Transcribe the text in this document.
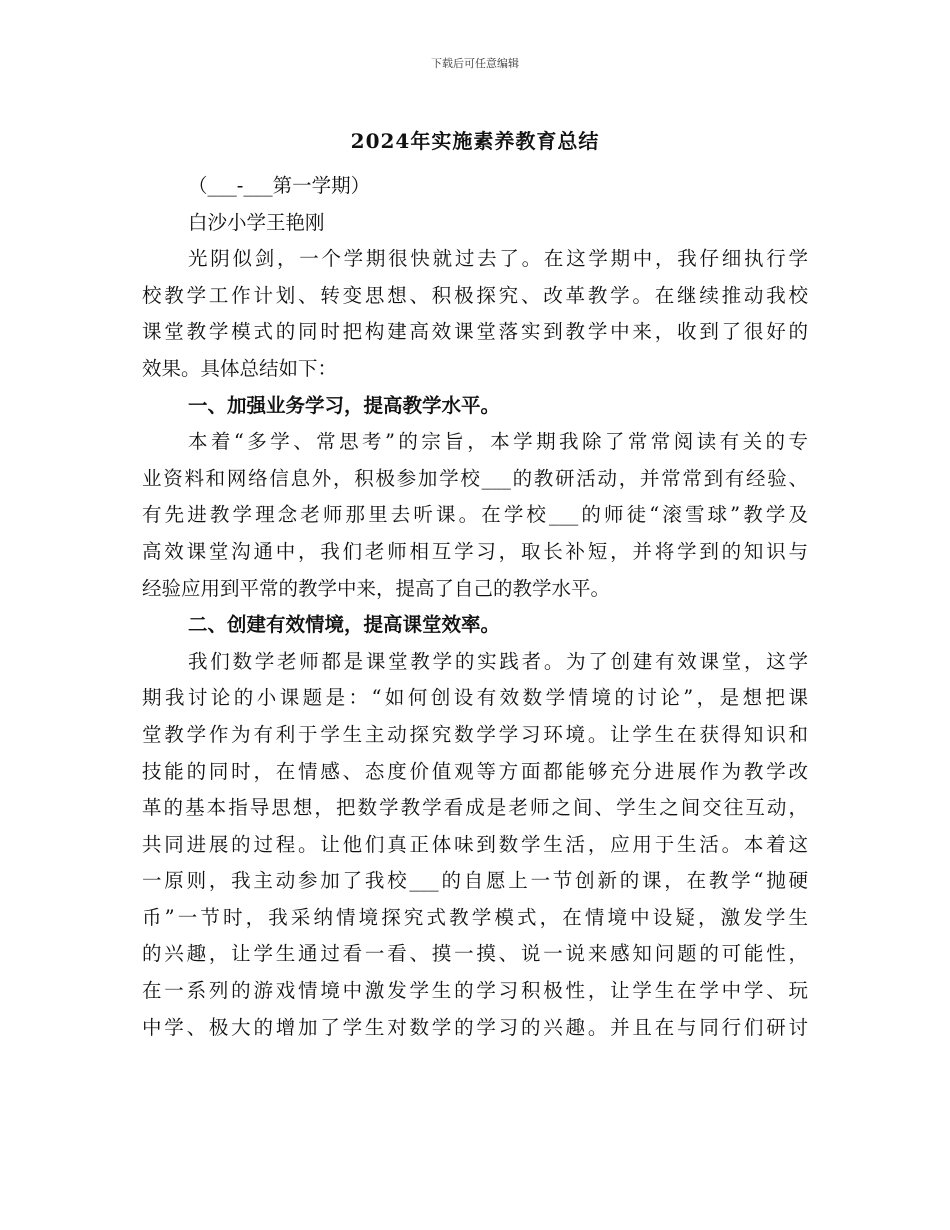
下载后可任意编辑
2024年实施素养教育总结
（___-___第一学期）
白沙小学王艳刚
光阴似剑，一个学期很快就过去了。在这学期中，我仔细执行学
校教学工作计划、转变思想、积极探究、改革教学。在继续推动我校
课堂教学模式的同时把构建高效课堂落实到教学中来，收到了很好的
效果。具体总结如下：
一、加强业务学习，提高教学水平。
本着“多学、常思考”的宗旨，本学期我除了常常阅读有关的专
业资料和网络信息外，积极参加学校___的教研活动，并常常到有经验、
有先进教学理念老师那里去听课。在学校___的师徒“滚雪球”教学及
高效课堂沟通中，我们老师相互学习，取长补短，并将学到的知识与
经验应用到平常的教学中来，提高了自己的教学水平。
二、创建有效情境，提高课堂效率。
我们数学老师都是课堂教学的实践者。为了创建有效课堂，这学
期我讨论的小课题是：“如何创设有效数学情境的讨论”，是想把课
堂教学作为有利于学生主动探究数学学习环境。让学生在获得知识和
技能的同时，在情感、态度价值观等方面都能够充分进展作为教学改
革的基本指导思想，把数学教学看成是老师之间、学生之间交往互动，
共同进展的过程。让他们真正体味到数学生活，应用于生活。本着这
一原则，我主动参加了我校___的自愿上一节创新的课，在教学“抛硬
币”一节时，我采纳情境探究式教学模式，在情境中设疑，激发学生
的兴趣，让学生通过看一看、摸一摸、说一说来感知问题的可能性，
在一系列的游戏情境中激发学生的学习积极性，让学生在学中学、玩
中学、极大的增加了学生对数学的学习的兴趣。并且在与同行们研讨
